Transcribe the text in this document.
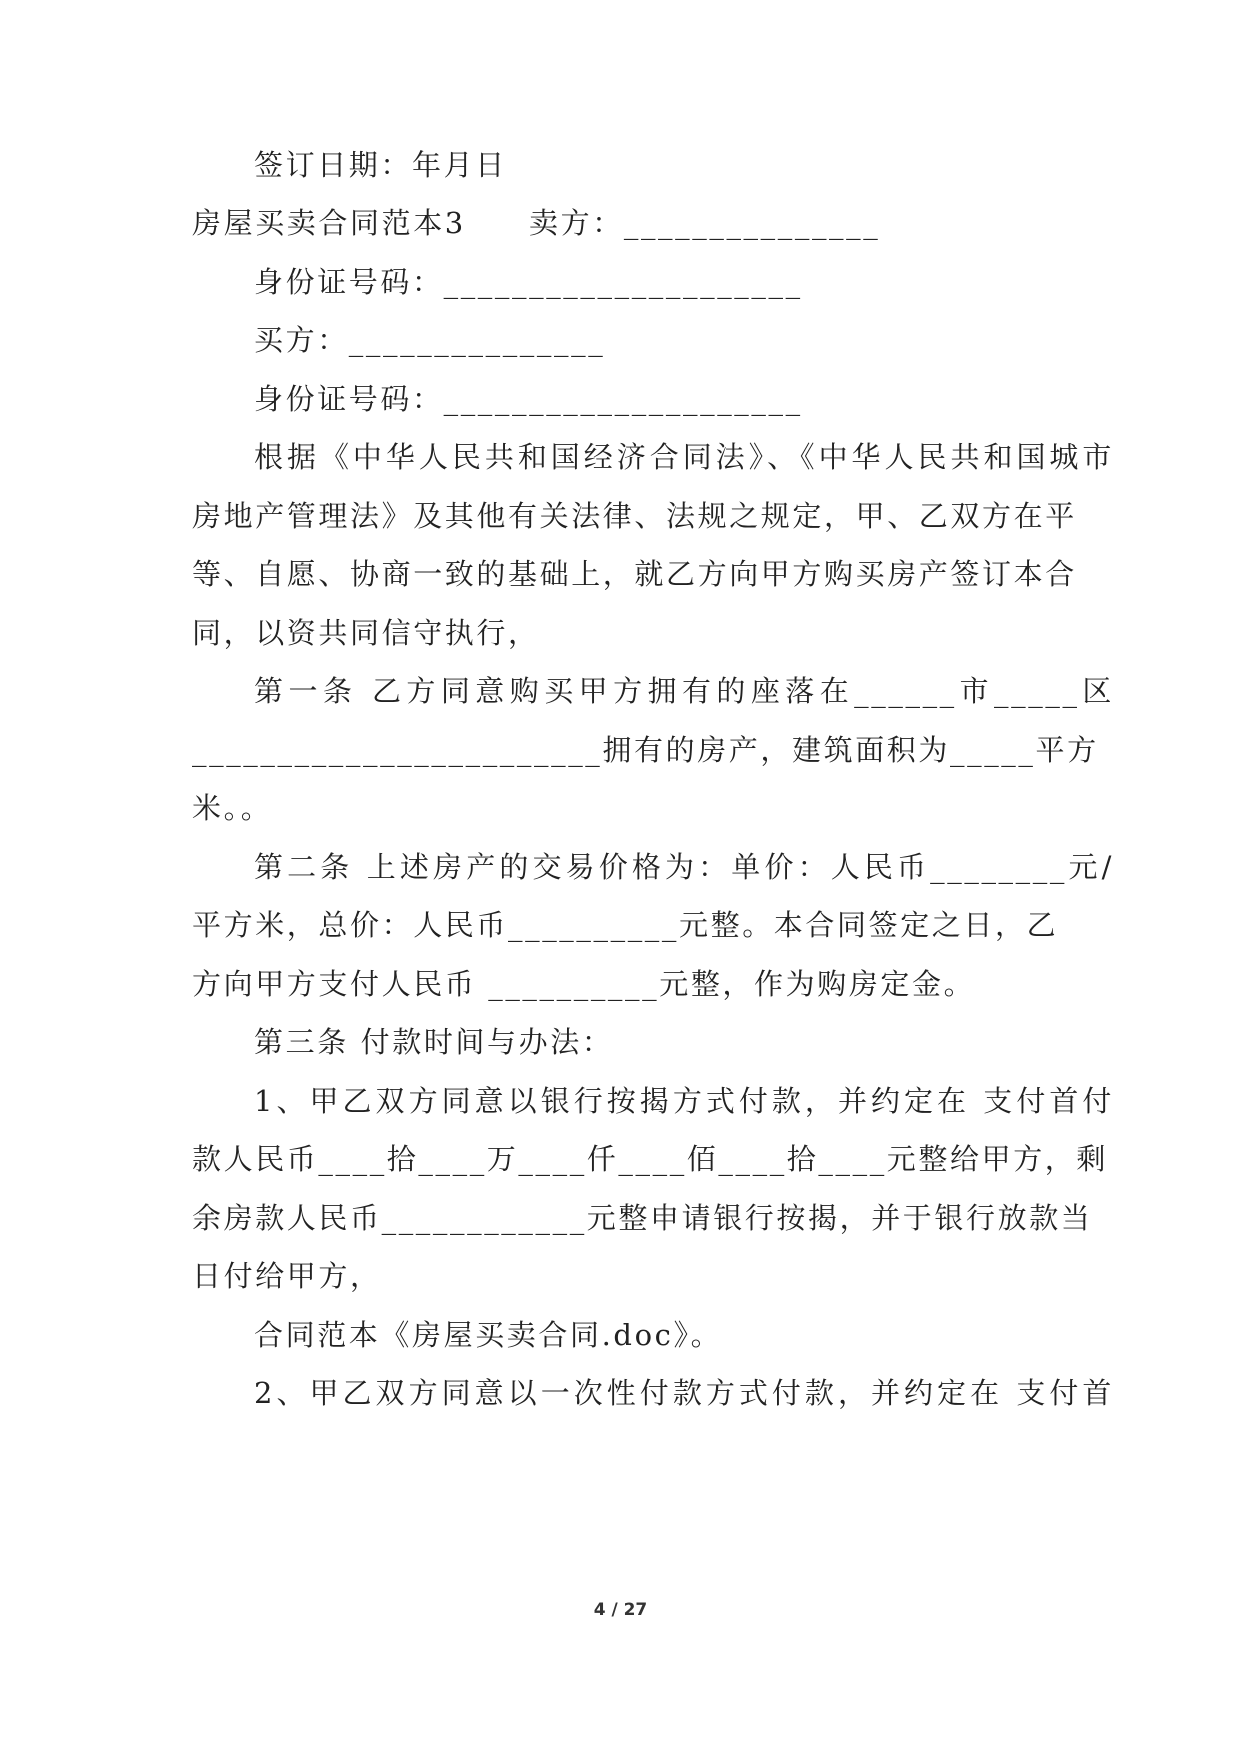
签订日期：年月日
房屋买卖合同范本3　　卖方：_______________
身份证号码：_____________________
买方：_______________
身份证号码：_____________________
根据《中华人民共和国经济合同法》、《中华人民共和国城市
房地产管理法》及其他有关法律、法规之规定，甲、乙双方在平
等、自愿、协商一致的基础上，就乙方向甲方购买房产签订本合
同，以资共同信守执行，
第一条 乙方同意购买甲方拥有的座落在______市_____区
________________________拥有的房产，建筑面积为_____平方
米。。
第二条 上述房产的交易价格为：单价：人民币________元/
平方米，总价：人民币__________元整。本合同签定之日，乙
方向甲方支付人民币 __________元整，作为购房定金。
第三条 付款时间与办法：
1、甲乙双方同意以银行按揭方式付款，并约定在 支付首付
款人民币____拾____万____仟____佰____拾____元整给甲方，剩
余房款人民币____________元整申请银行按揭，并于银行放款当
日付给甲方，
合同范本《房屋买卖合同.doc》。
2、甲乙双方同意以一次性付款方式付款，并约定在 支付首
4 / 27
